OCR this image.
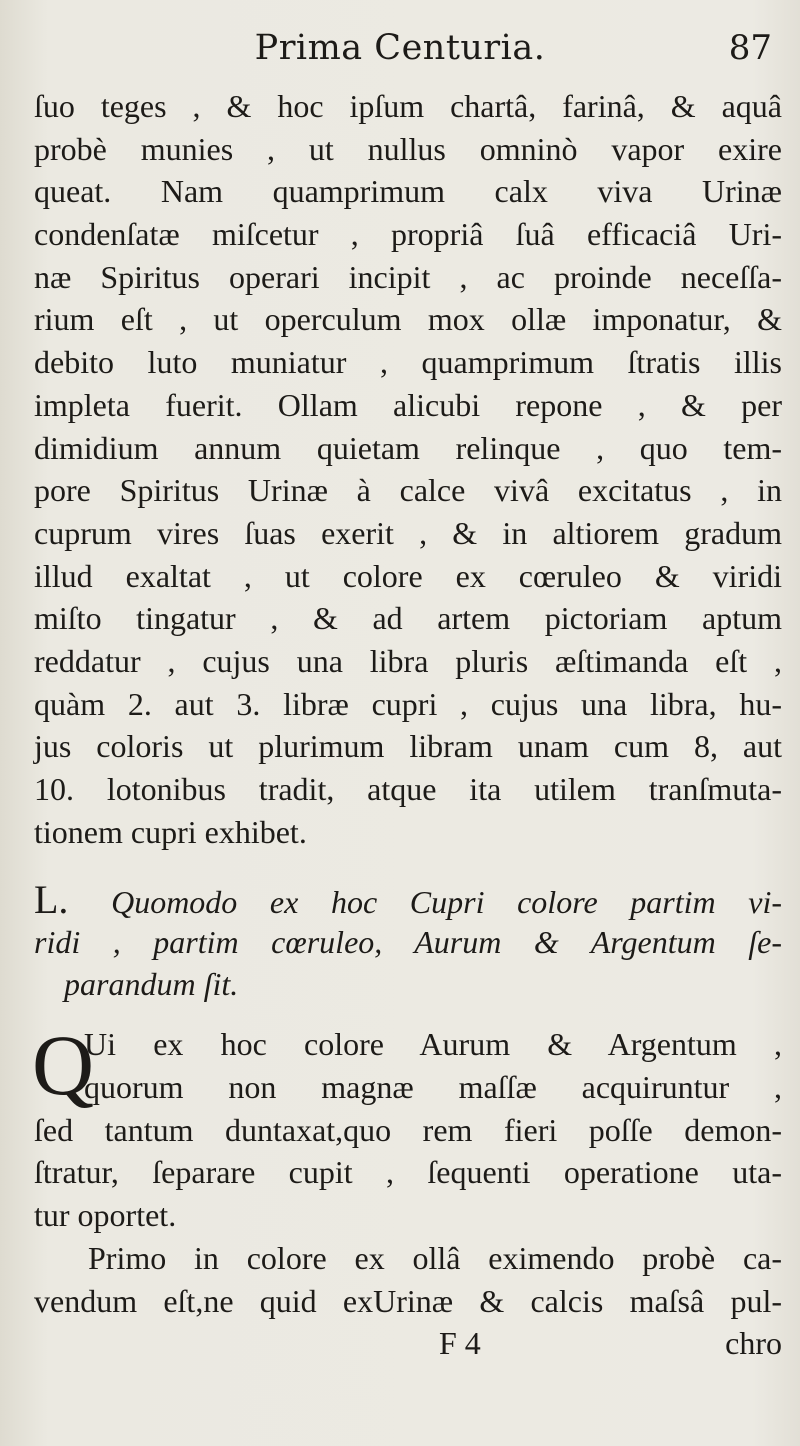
Prima Centuria.	87
ſuo teges , & hoc ipſum chartâ, farinâ, & aquâ
probè munies , ut nullus omninò vapor exire
queat. Nam quamprimum calx viva Urinæ
condenſatæ miſcetur , propriâ ſuâ efficaciâ Uri-
næ Spiritus operari incipit , ac proinde neceſſa-
rium eſt , ut operculum mox ollæ imponatur, &
debito luto muniatur , quamprimum ſtratis illis
impleta fuerit. Ollam alicubi repone , & per
dimidium annum quietam relinque , quo tem-
pore Spiritus Urinæ à calce vivâ excitatus , in
cuprum vires ſuas exerit , & in altiorem gradum
illud exaltat , ut colore ex cœruleo & viridi
miſto tingatur , & ad artem pictoriam aptum
reddatur , cujus una libra pluris æſtimanda eſt ,
quàm 2. aut 3. libræ cupri , cujus una libra, hu-
jus coloris ut plurimum libram unam cum 8, aut
10. lotonibus tradit, atque ita utilem tranſmuta-
tionem cupri exhibet.
L. Quomodo ex hoc Cupri colore partim vi-
ridi , partim cœruleo, Aurum & Argentum ſe-
parandum ſit.
Q
Ui ex hoc colore Aurum & Argentum ,
quorum non magnæ maſſæ acquiruntur ,
ſed tantum duntaxat,quo rem fieri poſſe demon-
ſtratur, ſeparare cupit , ſequenti operatione uta-
tur oportet.
Primo in colore ex ollâ eximendo probè ca-
vendum eſt,ne quid exUrinæ & calcis maſsâ pul-
F 4	chro
